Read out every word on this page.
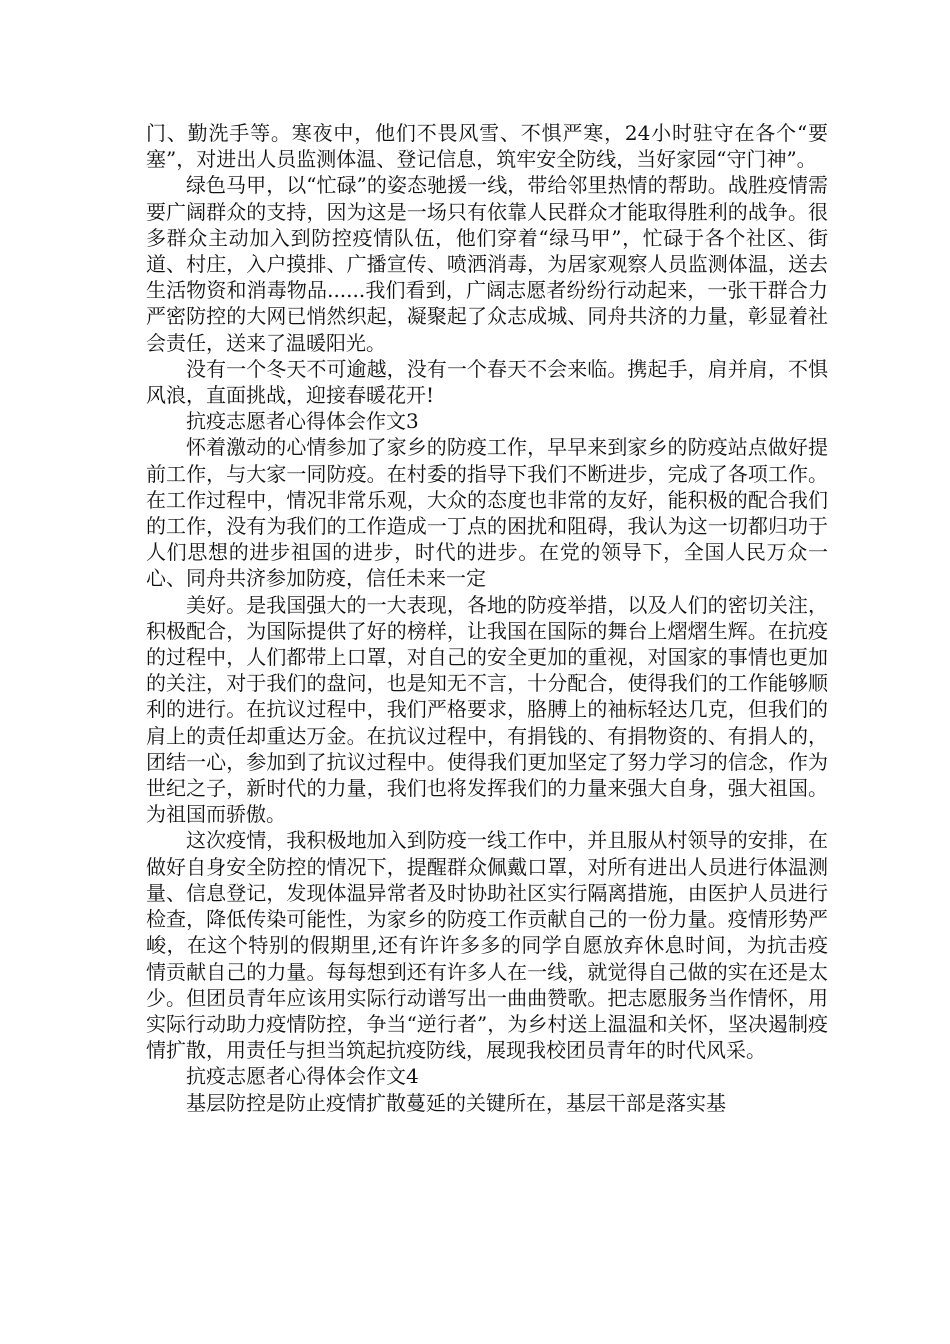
门、勤洗手等。寒夜中，他们不畏风雪、不惧严寒，24小时驻守在各个“要塞”，对进出人员监测体温、登记信息，筑牢安全防线，当好家园“守门神”。

绿色马甲，以“忙碌”的姿态驰援一线，带给邻里热情的帮助。战胜疫情需要广阔群众的支持，因为这是一场只有依靠人民群众才能取得胜利的战争。很多群众主动加入到防控疫情队伍，他们穿着“绿马甲”，忙碌于各个社区、街道、村庄，入户摸排、广播宣传、喷洒消毒，为居家观察人员监测体温，送去生活物资和消毒物品......我们看到，广阔志愿者纷纷行动起来，一张干群合力严密防控的大网已悄然织起，凝聚起了众志成城、同舟共济的力量，彰显着社会责任，送来了温暖阳光。

没有一个冬天不可逾越，没有一个春天不会来临。携起手，肩并肩，不惧风浪，直面挑战，迎接春暖花开!

抗疫志愿者心得体会作文3

怀着激动的心情参加了家乡的防疫工作，早早来到家乡的防疫站点做好提前工作，与大家一同防疫。在村委的指导下我们不断进步，完成了各项工作。在工作过程中，情况非常乐观，大众的态度也非常的友好，能积极的配合我们的工作，没有为我们的工作造成一丁点的困扰和阻碍，我认为这一切都归功于人们思想的进步祖国的进步，时代的进步。在党的领导下，全国人民万众一心、同舟共济参加防疫，信任未来一定

美好。是我国强大的一大表现，各地的防疫举措，以及人们的密切关注，积极配合，为国际提供了好的榜样，让我国在国际的舞台上熠熠生辉。在抗疫的过程中，人们都带上口罩，对自己的安全更加的重视，对国家的事情也更加的关注，对于我们的盘问，也是知无不言，十分配合，使得我们的工作能够顺利的进行。在抗议过程中，我们严格要求，胳膊上的袖标轻达几克，但我们的肩上的责任却重达万金。在抗议过程中，有捐钱的、有捐物资的、有捐人的，团结一心，参加到了抗议过程中。使得我们更加坚定了努力学习的信念，作为世纪之子，新时代的力量，我们也将发挥我们的力量来强大自身，强大祖国。为祖国而骄傲。

这次疫情，我积极地加入到防疫一线工作中，并且服从村领导的安排，在做好自身安全防控的情况下，提醒群众佩戴口罩，对所有进出人员进行体温测量、信息登记，发现体温异常者及时协助社区实行隔离措施，由医护人员进行检查，降低传染可能性，为家乡的防疫工作贡献自己的一份力量。疫情形势严峻，在这个特别的假期里,还有许许多多的同学自愿放弃休息时间，为抗击疫情贡献自己的力量。每每想到还有许多人在一线，就觉得自己做的实在还是太少。但团员青年应该用实际行动谱写出一曲曲赞歌。把志愿服务当作情怀，用实际行动助力疫情防控，争当“逆行者”，为乡村送上温温和关怀，坚决遏制疫情扩散，用责任与担当筑起抗疫防线，展现我校团员青年的时代风采。

抗疫志愿者心得体会作文4

基层防控是防止疫情扩散蔓延的关键所在，基层干部是落实基
